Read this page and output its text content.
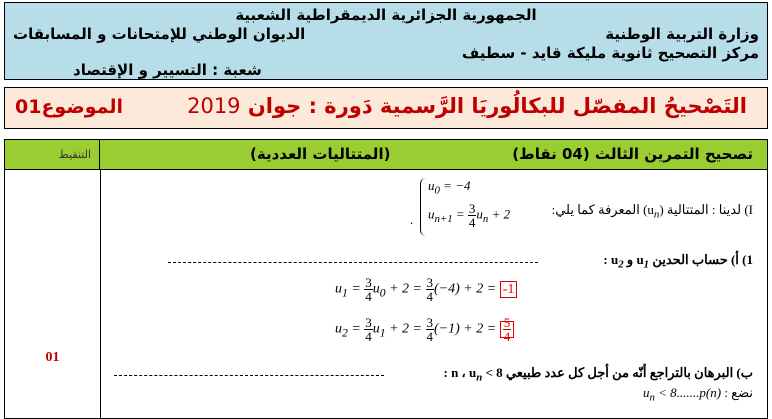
الجمهورية الجزائرية الديمقراطية الشعبية
وزارة التربية الوطنية
الديوان الوطني للإمتحانات و المسابقات
مركز التصحيح ثانوية مليكة قايد - سطيف
شعبة : التسيير و الإقتصاد
التَصْحيحُ المفصّل للبكالُوريَا الرَّسمية دَورة : جوان 2019
01الموضوع
التنقيط	تصحيح التمرين الثالث (04 نقاط)
(المتتاليات العددية)
01
I) لدينا : المتتالية $(u_n)$ المعرفة كما يلي:
$u_0 = -4$
$u_{n+1} = \frac{3}{4} u_n + 2$
.
1) أ) حساب الحدين $u_1$ و $u_2$ :
$u_1 = \frac{3}{4} u_0 + 2 = \frac{3}{4} (-4) + 2 = -1$
$u_2 = \frac{3}{4} u_1 + 2 = \frac{3}{4} (-1) + 2 = \frac{5}{4}$
ب) البرهان بالتراجع أنّه من أجل كل عدد طبيعي n ، $u_n < 8$ :
نضع : $u_n < 8.......p(n)$
